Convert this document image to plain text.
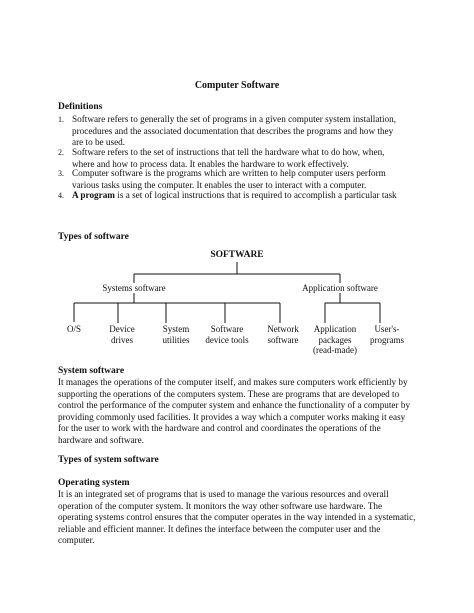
Computer Software
Definitions
1. Software refers to generally the set of programs in a given computer system installation,
procedures and the associated documentation that describes the programs and how they
are to be used.
2. Software refers to the set of instructions that tell the hardware what to do how, when,
where and how to process data. It enables the hardware to work effectively.
3. Computer software is the programs which are written to help computer users perform
various tasks using the computer. It enables the user to interact with a computer.
4. A program is a set of logical instructions that is required to accomplish a particular task
Types of software
SOFTWARE
Systems software	Application software
O/S	Device
drives
System
utilities
Software
device tools
Network
software
Application
packages
(read-made)
User's-
programs
System software
It manages the operations of the computer itself, and makes sure computers work efficiently by
supporting the operations of the computers system. These are programs that are developed to
control the performance of the computer system and enhance the functionality of a computer by
providing commonly used facilities. It provides a way which a computer works making it easy
for the user to work with the hardware and control and coordinates the operations of the
hardware and software.
Types of system software
Operating system
It is an integrated set of programs that is used to manage the various resources and overall
operation of the computer system. It monitors the way other software use hardware. The
operating systems control ensures that the computer operates in the way intended in a systematic,
reliable and efficient manner. It defines the interface between the computer user and the
computer.
